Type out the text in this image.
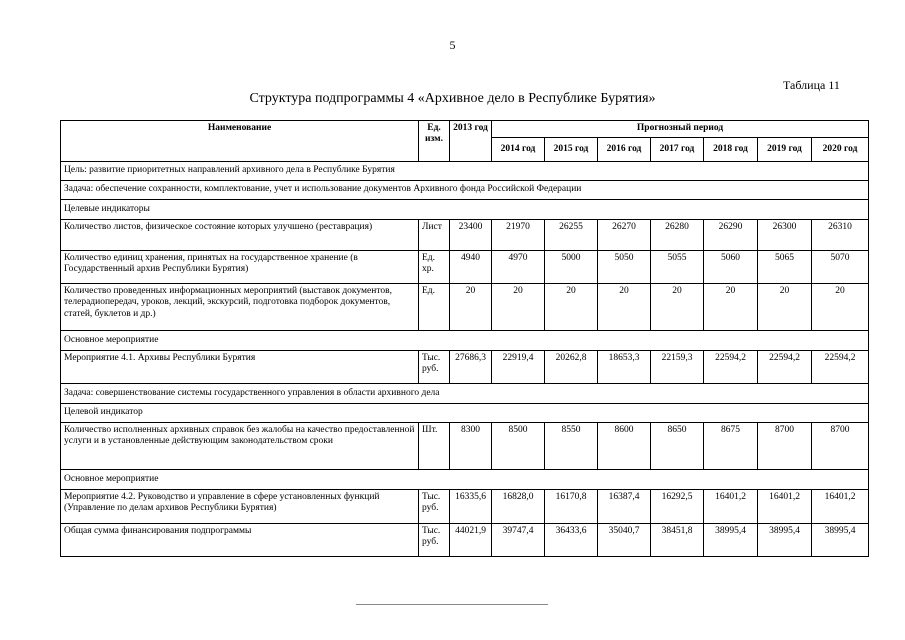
5
Таблица 11
Структура подпрограммы 4 «Архивное дело в Республике Бурятия»
Наименование	Ед. изм.	2013 год	Прогнозный период						
			2014 год	2015 год	2016 год	2017 год	2018 год	2019 год	2020 год
Цель: развитие приоритетных направлений архивного дела в Республике Бурятия									
Задача: обеспечение сохранности, комплектование, учет и использование документов Архивного фонда Российской Федерации									
Целевые индикаторы									
Количество листов, физическое состояние которых улучшено (реставрация)	Лист	23400	21970	26255	26270	26280	26290	26300	26310
Количество единиц хранения, принятых на государственное хранение (в Государственный архив Республики Бурятия)	Ед. хр.	4940	4970	5000	5050	5055	5060	5065	5070
Количество проведенных информационных мероприятий (выставок документов, телерадиопередач, уроков, лекций, экскурсий, подготовка подборок документов, статей, буклетов и др.)	Ед.	20	20	20	20	20	20	20	20
Основное мероприятие									
Мероприятие 4.1. Архивы Республики Бурятия	Тыс. руб.	27686,3	22919,4	20262,8	18653,3	22159,3	22594,2	22594,2	22594,2
Задача: совершенствование системы государственного управления в области архивного дела									
Целевой индикатор									
Количество исполненных архивных справок без жалобы на качество предоставленной услуги и в установленные действующим законодательством сроки	Шт.	8300	8500	8550	8600	8650	8675	8700	8700
Основное мероприятие									
Мероприятие 4.2. Руководство и управление в сфере установленных функций (Управление по делам архивов Республики Бурятия)	Тыс. руб.	16335,6	16828,0	16170,8	16387,4	16292,5	16401,2	16401,2	16401,2
Общая сумма финансирования подпрограммы	Тыс. руб.	44021,9	39747,4	36433,6	35040,7	38451,8	38995,4	38995,4	38995,4
